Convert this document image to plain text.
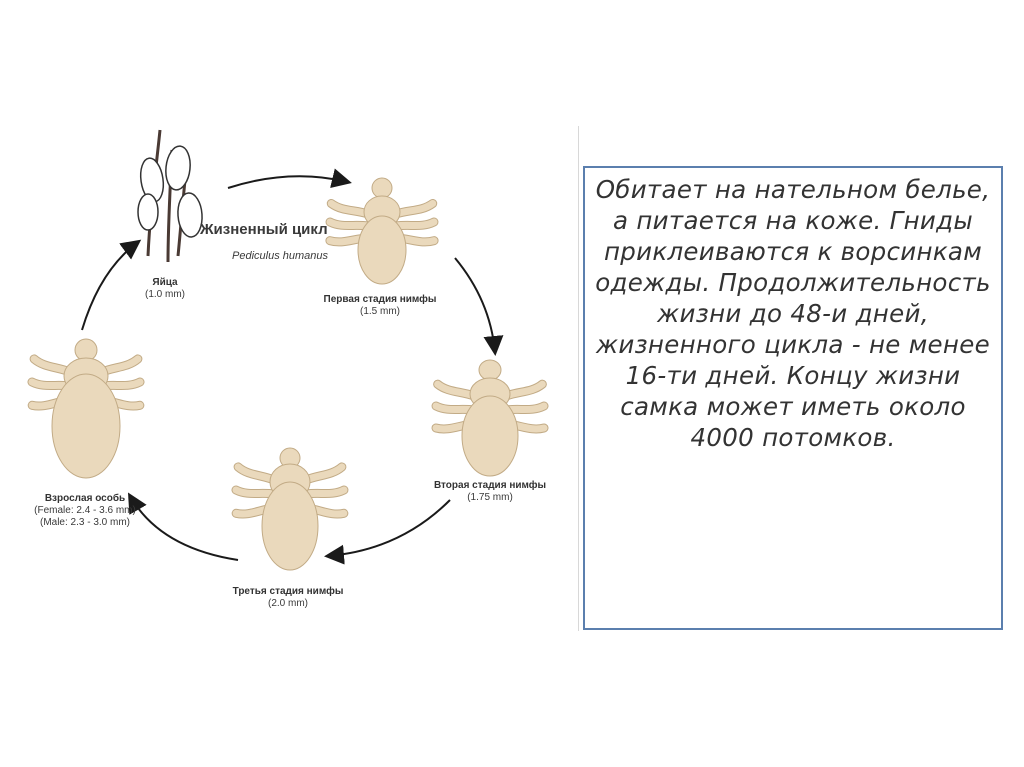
Яйца
(1.0 mm)	Первая стадия нимфы
(1.5 mm)
Вторая стадия нимфы
(1.75 mm)
Третья стадия нимфы
(2.0 mm)
Взрослая особь
(Female: 2.4 - 3.6 mm)
(Male: 2.3 - 3.0 mm)
Жизненный цикл
Pediculus humanus
Обитает на нательном белье, а питается на коже. Гниды приклеиваются к ворсинкам одежды. Продолжительность жизни до 48-и дней, жизненного цикла - не менее 16-ти дней. Концу жизни самка может иметь около 4000 потомков.
